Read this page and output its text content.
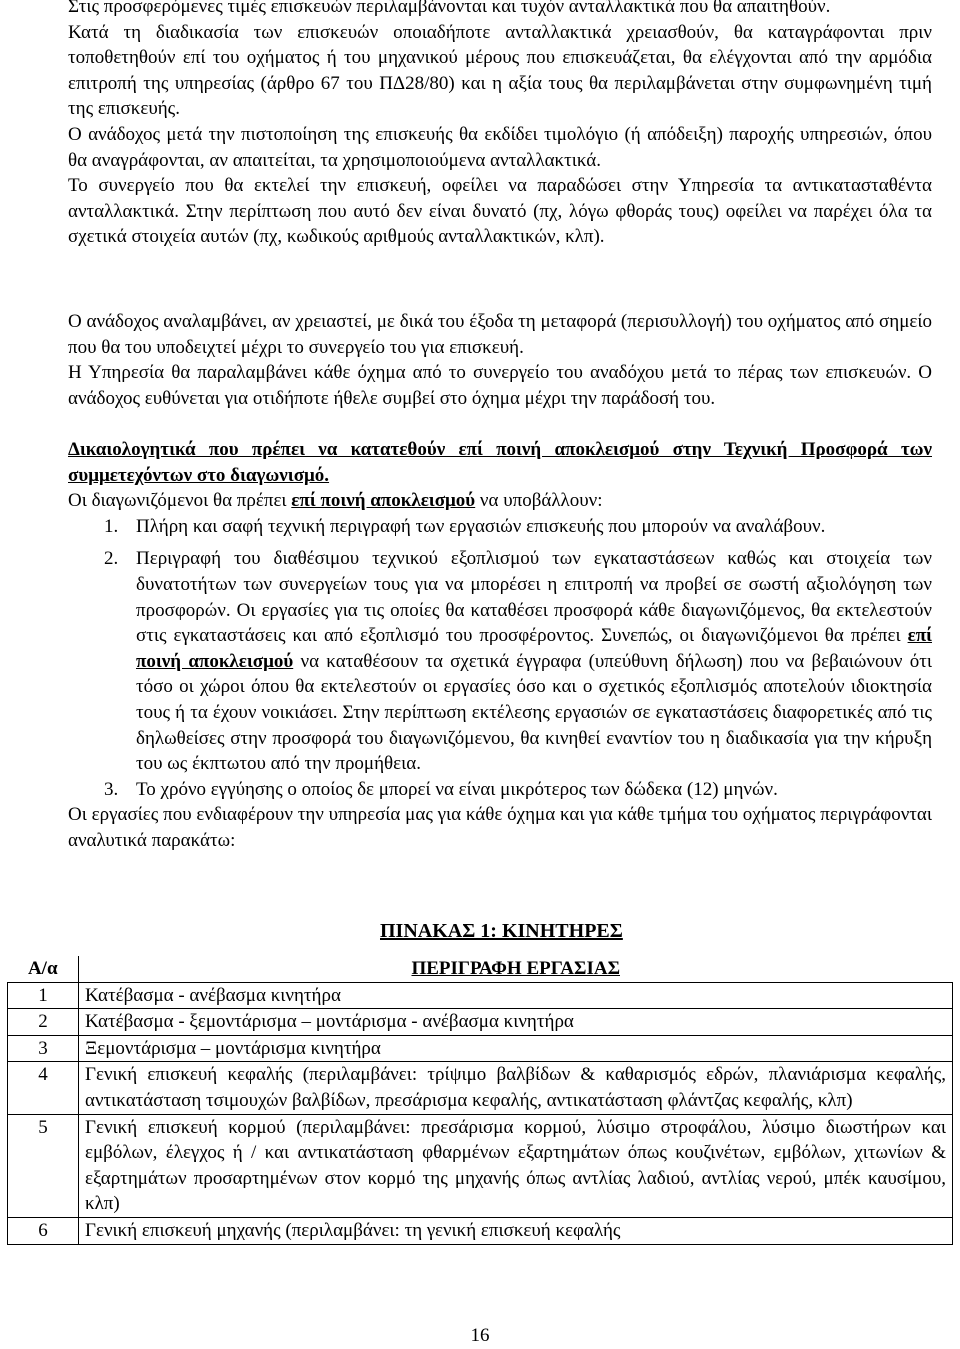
Στις προσφερόμενες τιμές επισκευών περιλαμβάνονται και τυχόν ανταλλακτικά που θα απαιτηθούν.

Κατά τη διαδικασία των επισκευών οποιαδήποτε ανταλλακτικά χρειασθούν, θα καταγράφονται πριν τοποθετηθούν επί του οχήματος ή του μηχανικού μέρους που επισκευάζεται, θα ελέγχονται από την αρμόδια επιτροπή της υπηρεσίας (άρθρο 67 του ΠΔ28/80) και η αξία τους θα περιλαμβάνεται στην συμφωνημένη τιμή της επισκευής.

Ο ανάδοχος μετά την πιστοποίηση της επισκευής θα εκδίδει τιμολόγιο (ή απόδειξη) παροχής υπηρεσιών, όπου θα αναγράφονται, αν απαιτείται, τα χρησιμοποιούμενα ανταλλακτικά.

Το συνεργείο που θα εκτελεί την επισκευή, οφείλει να παραδώσει στην Υπηρεσία τα αντικατασταθέντα ανταλλακτικά. Στην περίπτωση που αυτό δεν είναι δυνατό (πχ, λόγω φθοράς τους) οφείλει να παρέχει όλα τα σχετικά στοιχεία αυτών (πχ, κωδικούς αριθμούς ανταλλακτικών, κλπ).

Ο ανάδοχος αναλαμβάνει, αν χρειαστεί, με δικά του έξοδα τη μεταφορά (περισυλλογή) του οχήματος από σημείο που θα του υποδειχτεί μέχρι το συνεργείο του για επισκευή.

Η Υπηρεσία θα παραλαμβάνει κάθε όχημα από το συνεργείο του αναδόχου μετά το πέρας των επισκευών. Ο ανάδοχος ευθύνεται για οτιδήποτε ήθελε συμβεί στο όχημα μέχρι την παράδοσή του.

Δικαιολογητικά που πρέπει να κατατεθούν επί ποινή αποκλεισμού στην Τεχνική Προσφορά των συμμετεχόντων στο διαγωνισμό.

Οι διαγωνιζόμενοι θα πρέπει επί ποινή αποκλεισμού να υποβάλλουν:

1. Πλήρη και σαφή τεχνική περιγραφή των εργασιών επισκευής που μπορούν να αναλάβουν.
2. Περιγραφή του διαθέσιμου τεχνικού εξοπλισμού των εγκαταστάσεων καθώς και στοιχεία των δυνατοτήτων των συνεργείων τους για να μπορέσει η επιτροπή να προβεί σε σωστή αξιολόγηση των προσφορών. Οι εργασίες για τις οποίες θα καταθέσει προσφορά κάθε διαγωνιζόμενος, θα εκτελεστούν στις εγκαταστάσεις και από εξοπλισμό του προσφέροντος. Συνεπώς, οι διαγωνιζόμενοι θα πρέπει επί ποινή αποκλεισμού να καταθέσουν τα σχετικά έγγραφα (υπεύθυνη δήλωση) που να βεβαιώνουν ότι τόσο οι χώροι όπου θα εκτελεστούν οι εργασίες όσο και ο σχετικός εξοπλισμός αποτελούν ιδιοκτησία τους ή τα έχουν νοικιάσει. Στην περίπτωση εκτέλεσης εργασιών σε εγκαταστάσεις διαφορετικές από τις δηλωθείσες στην προσφορά του διαγωνιζόμενου, θα κινηθεί εναντίον του η διαδικασία για την κήρυξη του ως έκπτωτου από την προμήθεια.
3. Το χρόνο εγγύησης ο οποίος δε μπορεί να είναι μικρότερος των δώδεκα (12) μηνών.

Οι εργασίες που ενδιαφέρουν την υπηρεσία μας για κάθε όχημα και για κάθε τμήμα του οχήματος περιγράφονται αναλυτικά παρακάτω:

ΠΙΝΑΚΑΣ 1: ΚΙΝΗΤΗΡΕΣ
Α/α	ΠΕΡΙΓΡΑΦΗ ΕΡΓΑΣΙΑΣ
1	Κατέβασμα - ανέβασμα κινητήρα
2	Κατέβασμα - ξεμοντάρισμα – μοντάρισμα - ανέβασμα κινητήρα
3	Ξεμοντάρισμα – μοντάρισμα κινητήρα
4	Γενική επισκευή κεφαλής (περιλαμβάνει: τρίψιμο βαλβίδων & καθαρισμός εδρών, πλανιάρισμα κεφαλής, αντικατάσταση τσιμουχών βαλβίδων, πρεσάρισμα κεφαλής, αντικατάσταση φλάντζας κεφαλής, κλπ)
5	Γενική επισκευή κορμού (περιλαμβάνει: πρεσάρισμα κορμού, λύσιμο στροφάλου, λύσιμο διωστήρων και εμβόλων, έλεγχος ή / και αντικατάσταση φθαρμένων εξαρτημάτων όπως κουζινέτων, εμβόλων, χιτωνίων & εξαρτημάτων προσαρτημένων στον κορμό της μηχανής όπως αντλίας λαδιού, αντλίας νερού, μπέκ καυσίμου, κλπ)
6	Γενική επισκευή μηχανής (περιλαμβάνει: τη γενική επισκευή κεφαλής
16
